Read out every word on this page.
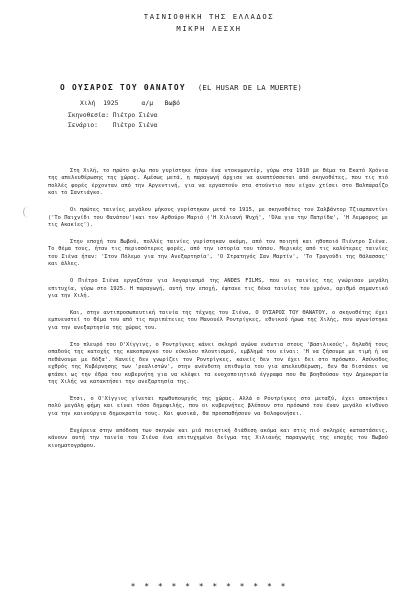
ΤΑΙΝΙΟΘΗΚΗ ΤΗΣ ΕΛΛΑΔΟΣ
ΜΙΚΡΗ ΛΕΣΧΗ
Ο ΟΥΣΑΡΟΣ ΤΟΥ ΘΑΝΑΤΟΥ (EL HUSAR DE LA MUERTE)
Χιλή  1925      α/μ   Βωβό
Σκηνοθεσία: Πιέτρο Σιένα
Σενάριο:    Πιέτρο Σιένα

Στη Χιλή, το πρώτο φιλμ που γυρίστηκε ήταν ένα ντοκυμαντέρ, γύρω στα 1910 με θέμα τα Εκατό Χρόνια της απελευθέρωσης της χώρας. Αμέσως μετά, η παραγωγή άρχισε να αναπτύσσεται από σκηνοθέτες, που τις πιό πολλές φορές έρχονταν από την Αργεντινή, για να εργαστούν στα στούντιο που είχαν χτίσει στο Βαλπαραΐζο και το Σαντιάγκο.

Οι πρώτες ταινίες μεγάλου μήκους γυρίστηκαν μετά το 1915, με σκηνοθέτες τον Σαλβάντορ Τζιαμπαντίνι ('Το Παιχνίδι του Θανάτου')και τον Αρθούρο Μαριό ('Η Χιλιανή Ψυχή', 'Όλα για την Πατρίδα', 'Η Λεμφορος με τις Ακακίες').

Στην εποχή του Βωβού, πολλές ταινίες γυρίστηκαν ακόμη, από τον ποιητή και ηθοποιό Πιέντρο Σιένα. Το θέμα τους, ήταν τις περισσότερες φορές, από την ιστορία του τόπου. Μερικές από τις καλύτερες ταινίες του Σιένα ήταν: 'Στον Πόλεμο για την Ανεξαρτησία', 'Ο Στρατηγός Σαν Μαρτίν', 'Το Τραγούδι της Θάλασσας' και άλλες.

Ο Πιέτρο Σιένα εργαζόταν για λογαριασμό της ANDES FILMS, που οι ταινίες της γνώρισαν μεγάλη επιτυχία, γύρω στο 1925. Η παραγωγή, αυτή την εποχή, έφτανε τις δέκα ταινίες τον χρόνο, αριθμό σημαντικό για την Χιλή.

Και, στην αντιπροσωπευτική ταινία της τέχνης του Σιένα, Ο ΟΥΣΑΡΟΣ ΤΟΥ ΘΑΝΑΤΟΥ, ο σκηνοθέτης έχει εμπνευστεί το θέμα του από τις περιπέτειες του Μανουέλ Ροντρίγκες, εθνικού ήρωα της Χιλής, που αγωνίστηκε για την ανεξαρτησία της χώρας του.

Στο πλευρό του Ο'Χίγγινς, ο Ροντρίγκες κάνει σκληρό αγώνα ενάντια στους 'βασιλικούς', δηλαδή τους οπαδούς της κατοχής της κακοπραγκο του εύκολου πλουτισμού, εμβλημά του είναι: 'Η να ζήσουμε με τιμή ή να πεθάνουμε με δόξα'. Κανείς δεν γνωρίζει τον Ροντρίγκες, κανείς δεν τον έχει δει στο πρόσωπο. Ασύνοδος εχθρός της Κυβέρνησης των 'ρεαλιστών', στην ανένδοτη επιθυμία του για απελευθέρωση, δεν θα διστάσει να φτάσει ως την έδρα του κυβερνήτη για να κλέψει τα ενοχοποιητικά έγγραφα που θα βοηθούσαν την Δημοκρατία της Χιλής να κατακτήσει την ανεξαρτησία της.

Έτσι, ο Ο'Χίγγινς γίνεται πρωθυπουργός της χώρας. Αλλά ο Ροντρίγκες στο μεταξύ, έχει αποκτήσει πολύ μεγάλη φήμη και είναι τόσο δημοφιλής, που οι κυβερνήτες βλέπουν στο πρόσωπό του έναν μεγάλο κίνδυνο για την καινούργια δημοκρατία τους. Και φυσικά, θα προσπαθήσουν να δολοφονήσει.

Ευχέρεια στην απόδοση των σκηνών και μιά ποιητική διάθεση ακόμα και στις πιό σκληρές καταστάσεις, κάνουν αυτή την ταινία του Σιένα ένα επιτυχημένο δείγμα της Χιλιανής παραγωγής της εποχής του Βωβού κινηματογράφου.

* * * * * * * * * * * *
